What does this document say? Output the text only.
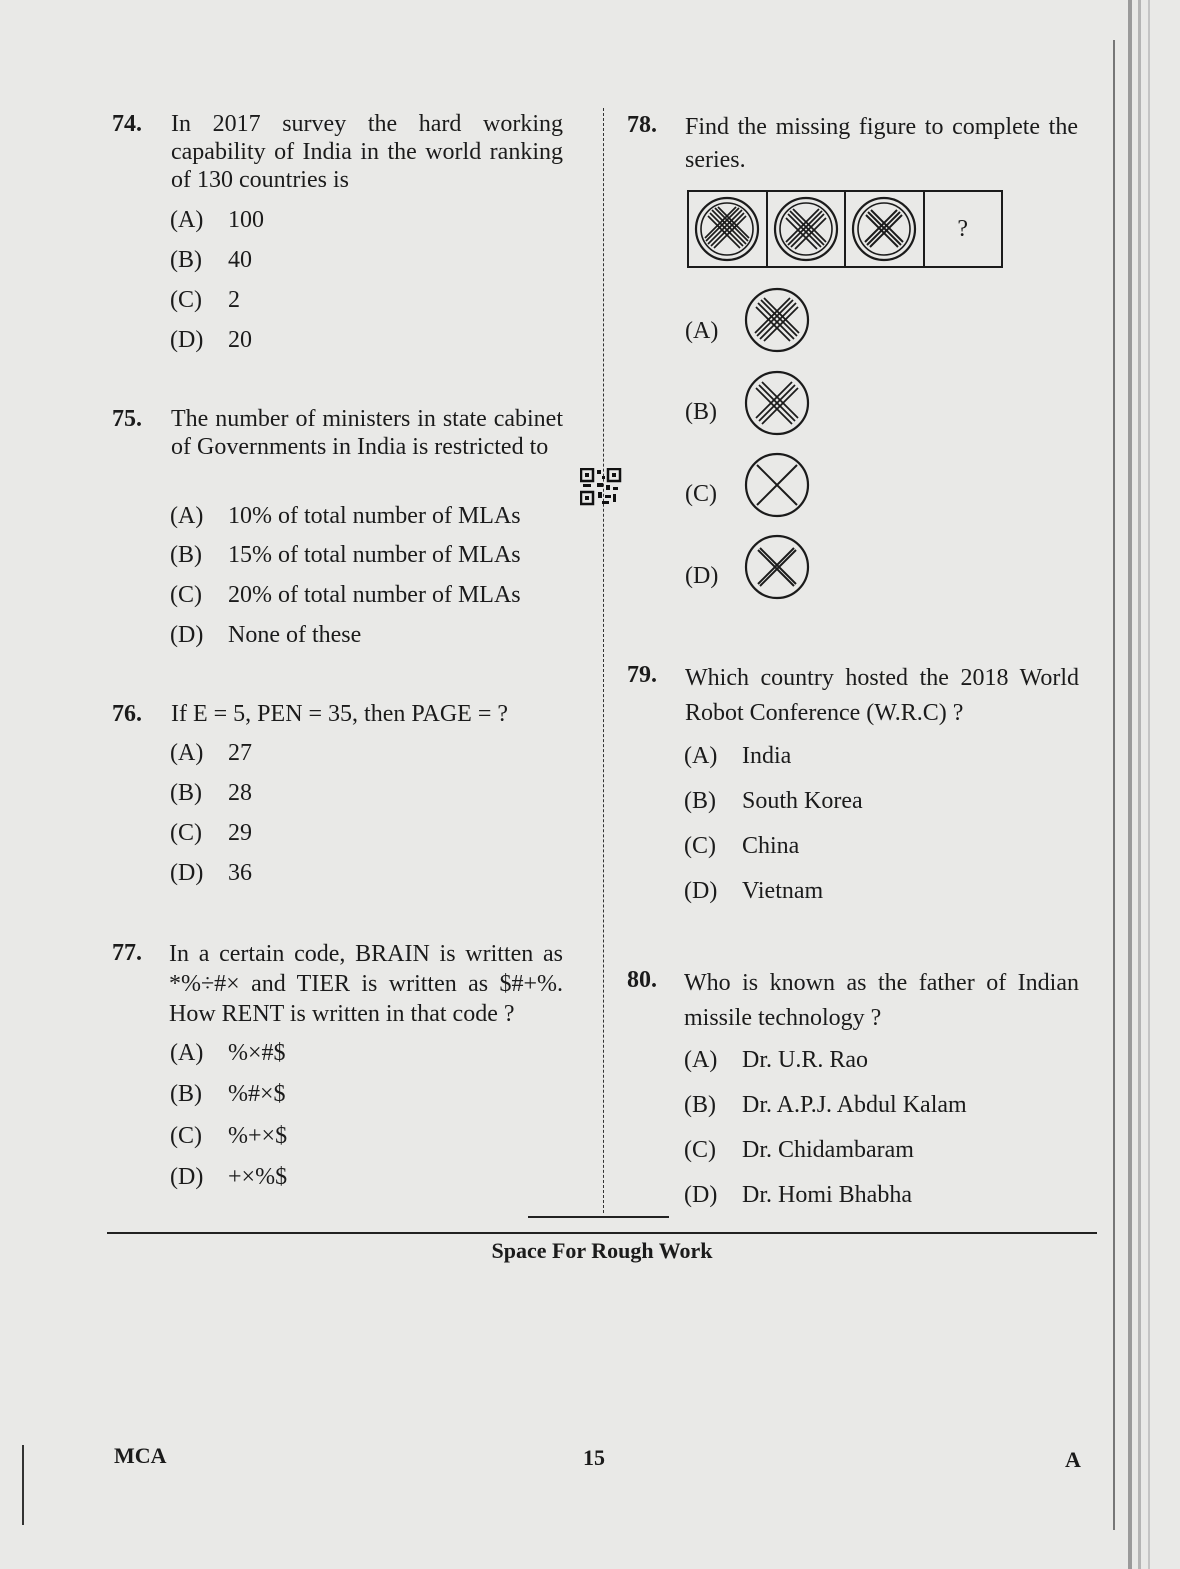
74. In 2017 survey the hard working capability of India in the world ranking of 130 countries is
(A) 100
(B) 40
(C) 2
(D) 20
75. The number of ministers in state cabinet of Governments in India is restricted to
(A) 10% of total number of MLAs
(B) 15% of total number of MLAs
(C) 20% of total number of MLAs
(D) None of these
76. If E = 5, PEN = 35, then PAGE = ?
(A) 27
(B) 28
(C) 29
(D) 36
77. In a certain code, BRAIN is written as *%÷#× and TIER is written as $#+%. How RENT is written in that code ?
(A) %×#$
(B) %#×$
(C) %+×$
(D) +×%$
78. Find the missing figure to complete the series.
?
(A)
(B)
(C)
(D)
79. Which country hosted the 2018 World Robot Conference (W.R.C) ?
(A) India
(B) South Korea
(C) China
(D) Vietnam
80. Who is known as the father of Indian missile technology ?
(A) Dr. U.R. Rao
(B) Dr. A.P.J. Abdul Kalam
(C) Dr. Chidambaram
(D) Dr. Homi Bhabha
Space For Rough Work
MCA	15	A
